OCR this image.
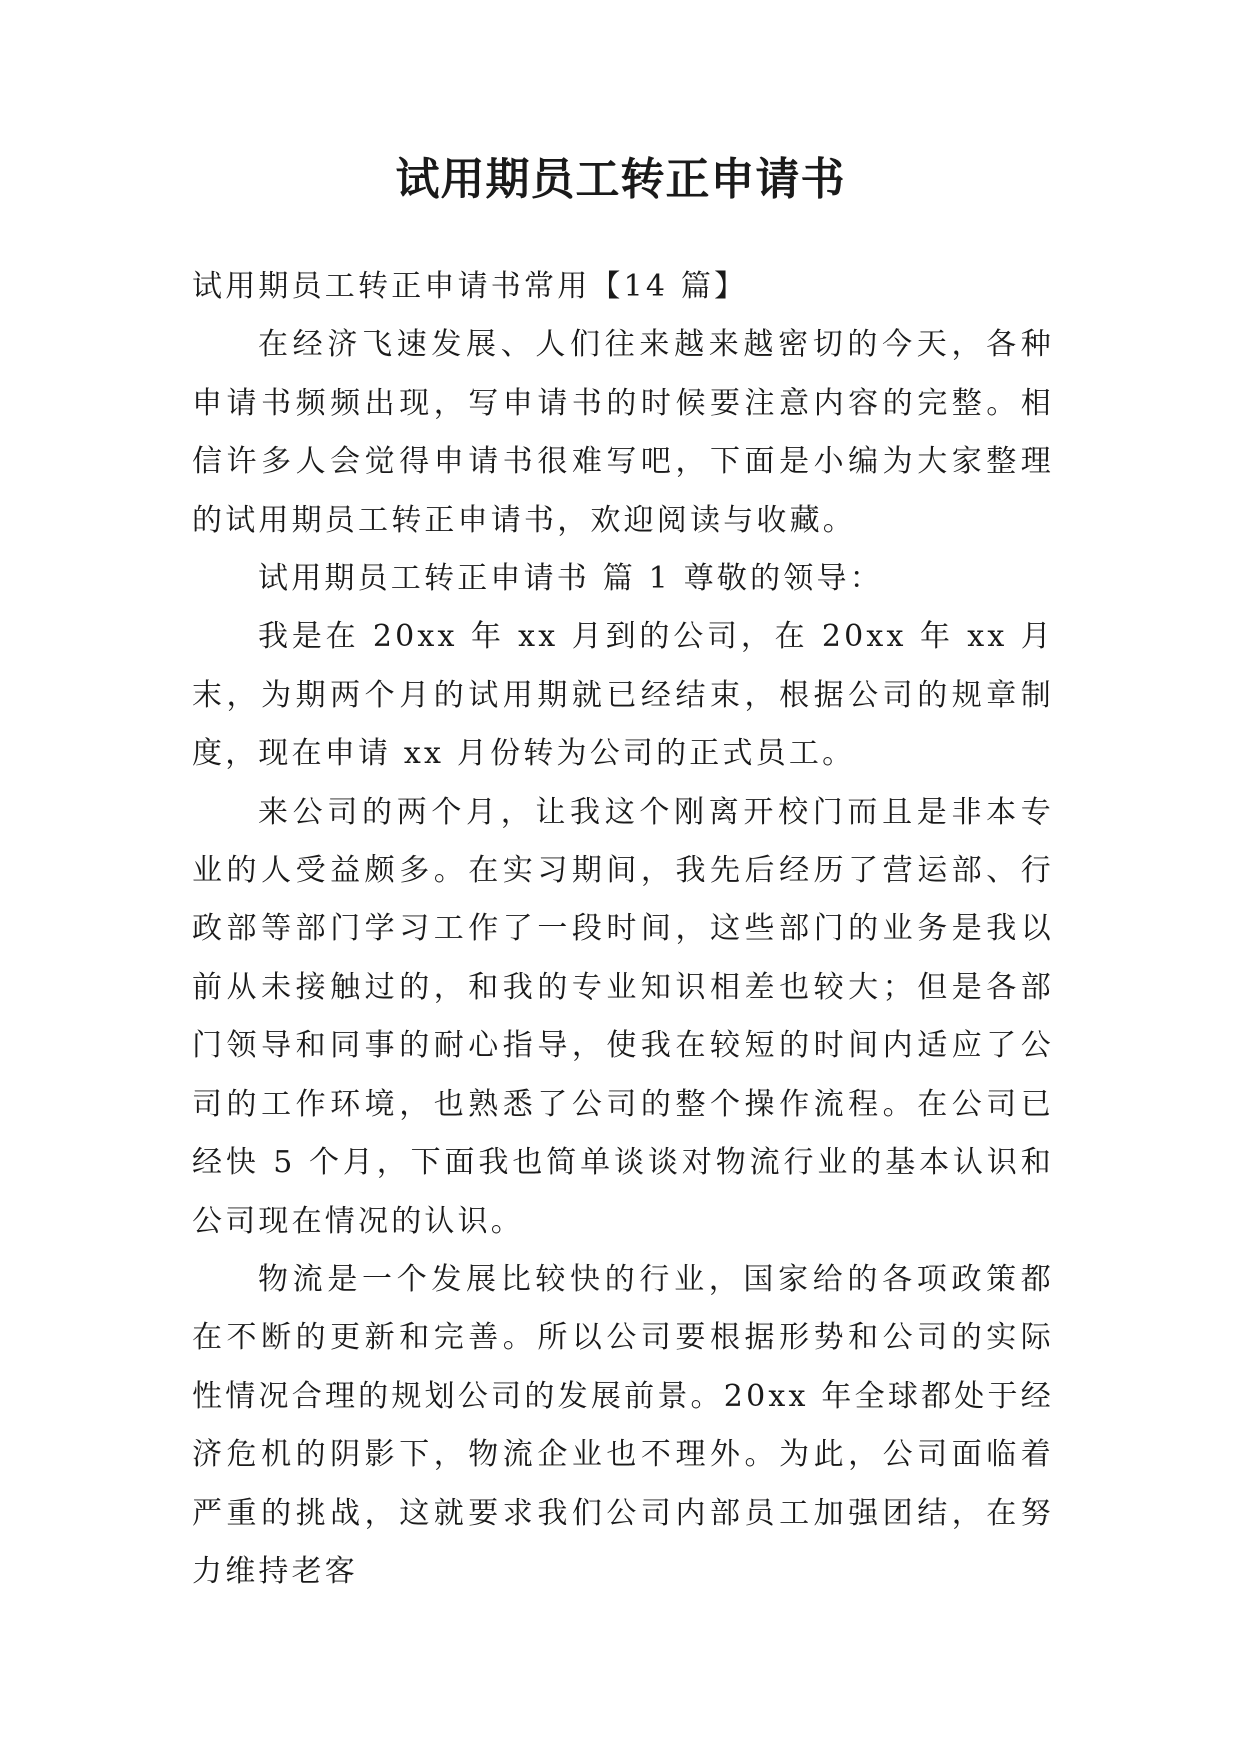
试用期员工转正申请书

试用期员工转正申请书常用【14 篇】

在经济飞速发展、人们往来越来越密切的今天，各种申请书频频出现，写申请书的时候要注意内容的完整。相信许多人会觉得申请书很难写吧，下面是小编为大家整理的试用期员工转正申请书，欢迎阅读与收藏。

试用期员工转正申请书 篇 1 尊敬的领导：

我是在 20xx 年 xx 月到的公司，在 20xx 年 xx 月末，为期两个月的试用期就已经结束，根据公司的规章制度，现在申请 xx 月份转为公司的正式员工。

来公司的两个月，让我这个刚离开校门而且是非本专业的人受益颇多。在实习期间，我先后经历了营运部、行政部等部门学习工作了一段时间，这些部门的业务是我以前从未接触过的，和我的专业知识相差也较大；但是各部门领导和同事的耐心指导，使我在较短的时间内适应了公司的工作环境，也熟悉了公司的整个操作流程。在公司已经快 5 个月，下面我也简单谈谈对物流行业的基本认识和公司现在情况的认识。

物流是一个发展比较快的行业，国家给的各项政策都在不断的更新和完善。所以公司要根据形势和公司的实际性情况合理的规划公司的发展前景。20xx 年全球都处于经济危机的阴影下，物流企业也不理外。为此，公司面临着严重的挑战，这就要求我们公司内部员工加强团结，在努力维持老客
